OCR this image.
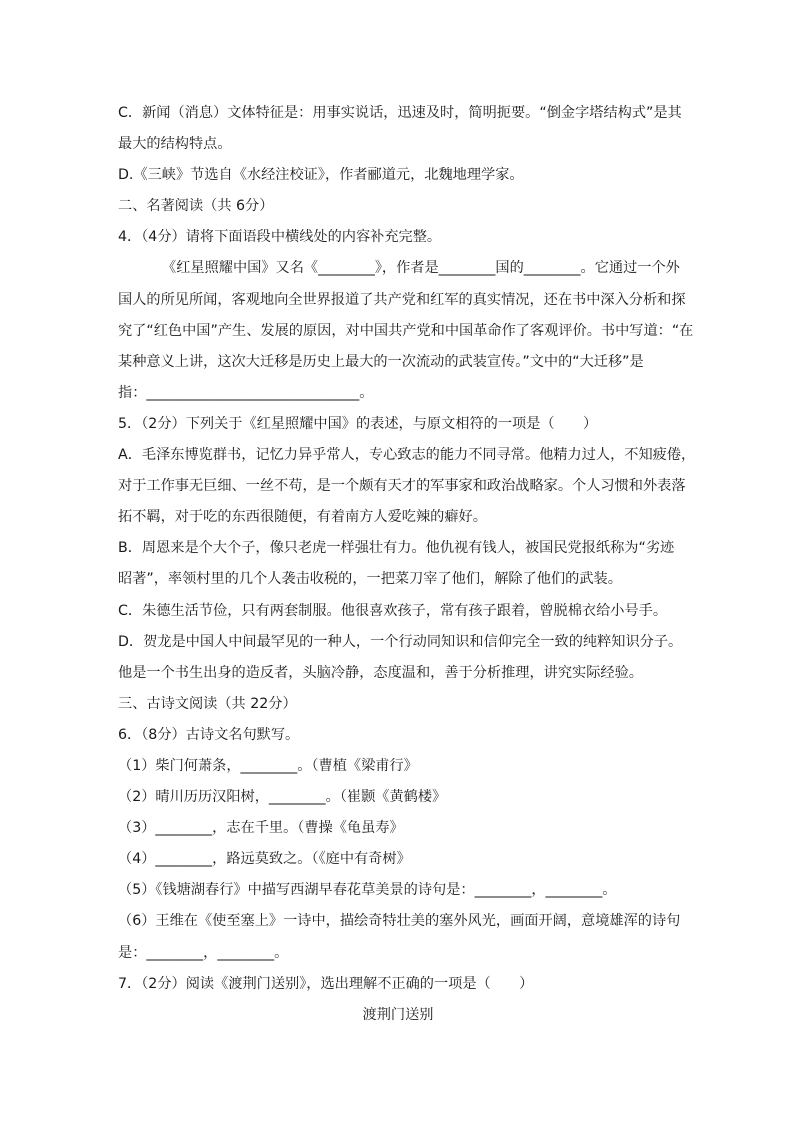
C．新闻（消息）文体特征是：用事实说话，迅速及时，简明扼要。“倒金字塔结构式”是其
最大的结构特点。
D.《三峡》节选自《水经注校证》，作者郦道元，北魏地理学家。
二、名著阅读（共 6分）
4．（4分）请将下面语段中横线处的内容补充完整。
《红星照耀中国》又名《________》，作者是________国的________。它通过一个外
国人的所见所闻，客观地向全世界报道了共产党和红军的真实情况，还在书中深入分析和探
究了“红色中国”产生、发展的原因，对中国共产党和中国革命作了客观评价。书中写道：“在
某种意义上讲，这次大迁移是历史上最大的一次流动的武装宣传。”文中的“大迁移”是
指：______________________________。
5．（2分）下列关于《红星照耀中国》的表述，与原文相符的一项是（　　）
A．毛泽东博览群书，记忆力异乎常人，专心致志的能力不同寻常。他精力过人，不知疲倦，
对于工作事无巨细、一丝不苟，是一个颇有天才的军事家和政治战略家。个人习惯和外表落
拓不羁，对于吃的东西很随便，有着南方人爱吃辣的癖好。
B．周恩来是个大个子，像只老虎一样强壮有力。他仇视有钱人，被国民党报纸称为“劣迹
昭著”，率领村里的几个人袭击收税的，一把菜刀宰了他们，解除了他们的武装。
C．朱德生活节俭，只有两套制服。他很喜欢孩子，常有孩子跟着，曾脱棉衣给小号手。
D．贺龙是中国人中间最罕见的一种人，一个行动同知识和信仰完全一致的纯粹知识分子。
他是一个书生出身的造反者，头脑冷静，态度温和，善于分析推理，讲究实际经验。
三、古诗文阅读（共 22分）
6．（8分）古诗文名句默写。
（1）柴门何萧条，________。（曹植《梁甫行》
（2）晴川历历汉阳树，________。（崔颢《黄鹤楼》
（3）________，志在千里。（曹操《龟虽寿》
（4）________，路远莫致之。（《庭中有奇树》
（5）《钱塘湖春行》中描写西湖早春花草美景的诗句是：________，________。
（6）王维在《使至塞上》一诗中，描绘奇特壮美的塞外风光，画面开阔，意境雄浑的诗句
是：________，________。
7．（2分）阅读《渡荆门送别》，选出理解不正确的一项是（　　）
渡荆门送别
